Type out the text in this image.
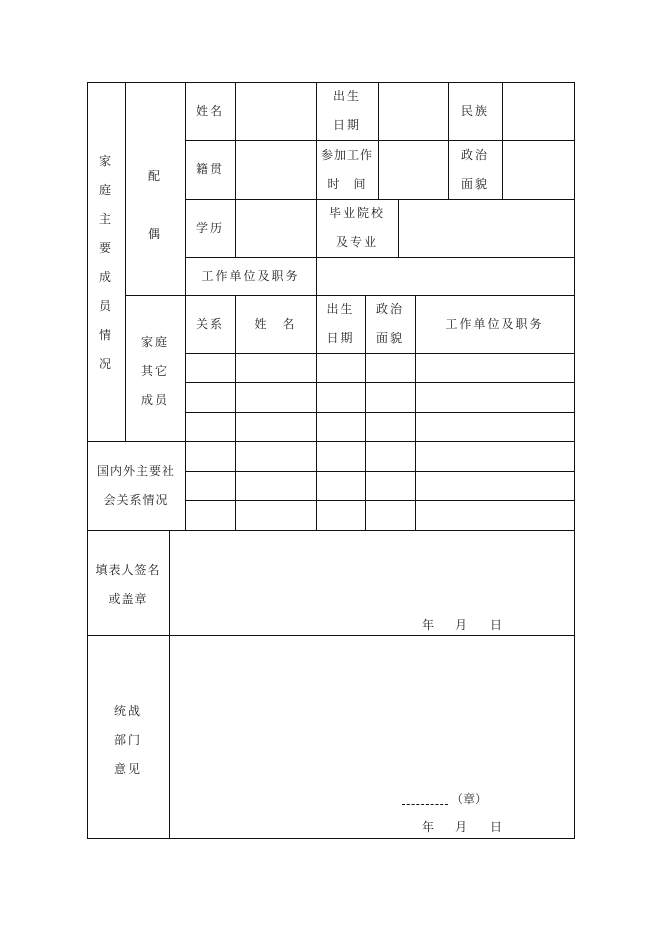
家
庭
主
要
成
员
情
况
配
偶
姓名
出生
日期
民族
籍贯
参加工作
时　间
政治
面貌
学历
毕业院校
及专业
工作单位及职务
家庭
其它
成员
关系	姓　名
出生
日期
政治
面貌
工作单位及职务
国内外主要社
会关系情况
填表人签名
或盖章
年 月 日
统战
部门
意见
（章）
年 月 日
